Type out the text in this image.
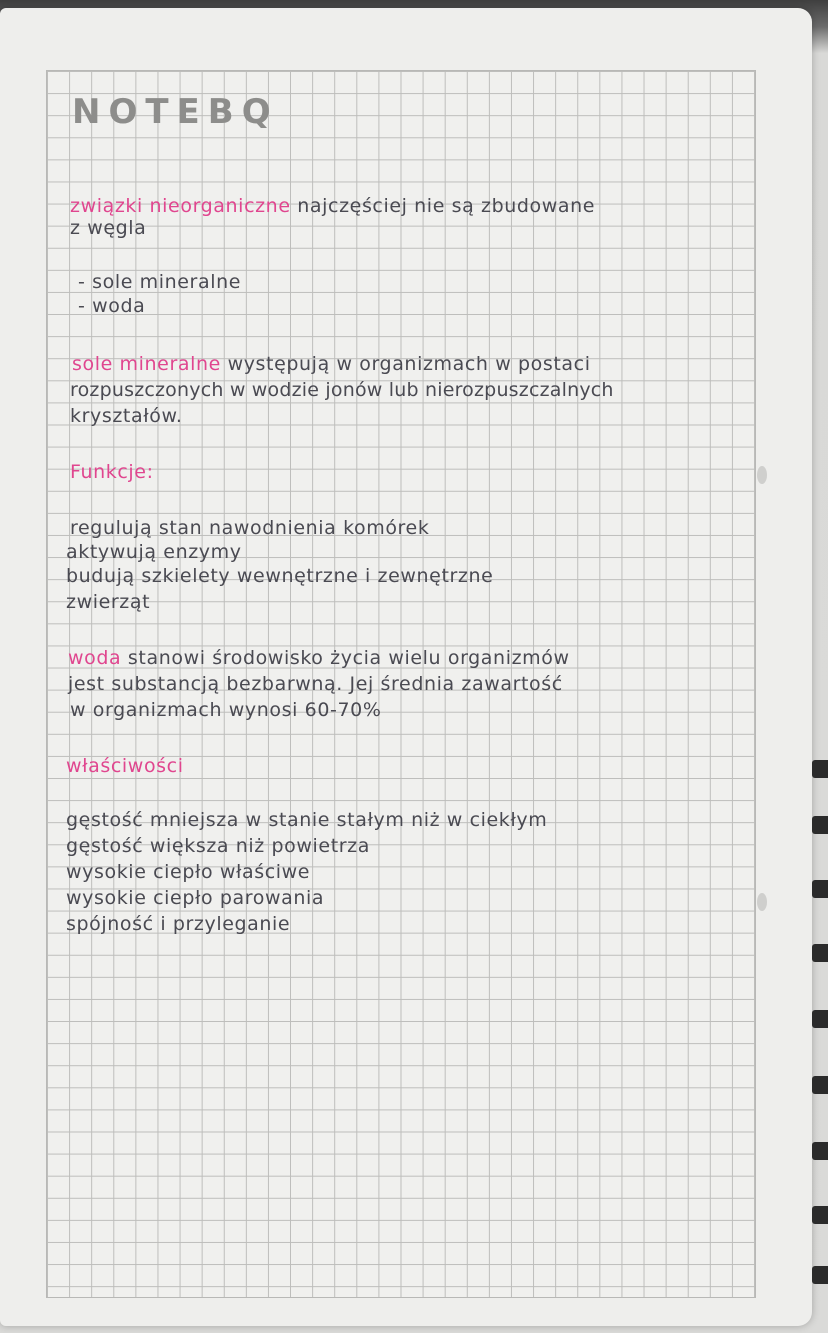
NOTEBQ
związki nieorganiczne najczęściej nie są zbudowane
z węgla
- sole mineralne
- woda
sole mineralne występują w organizmach w postaci
rozpuszczonych w wodzie jonów lub nierozpuszczalnych
kryształów.
Funkcje:
regulują stan nawodnienia komórek
aktywują enzymy
budują szkielety wewnętrzne i zewnętrzne
zwierząt
woda stanowi środowisko życia wielu organizmów
jest substancją bezbarwną. Jej średnia zawartość
w organizmach wynosi 60-70%
właściwości
gęstość mniejsza w stanie stałym niż w ciekłym
gęstość większa niż powietrza
wysokie ciepło właściwe
wysokie ciepło parowania
spójność i przyleganie
